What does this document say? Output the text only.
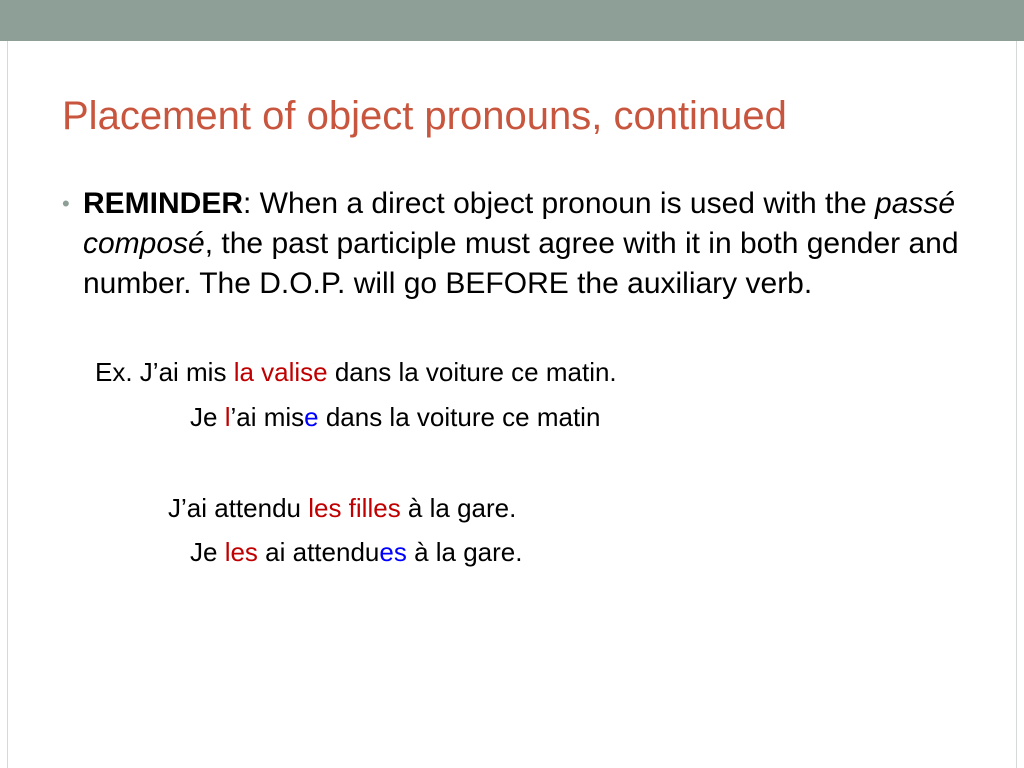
Placement of object pronouns, continued
• REMINDER: When a direct object pronoun is used with the passé composé, the past participle must agree with it in both gender and number. The D.O.P. will go BEFORE the auxiliary verb.
Ex. J’ai mis la valise dans la voiture ce matin.
Je l’ai mise dans la voiture ce matin
J’ai attendu les filles à la gare.
Je les ai attendues à la gare.
